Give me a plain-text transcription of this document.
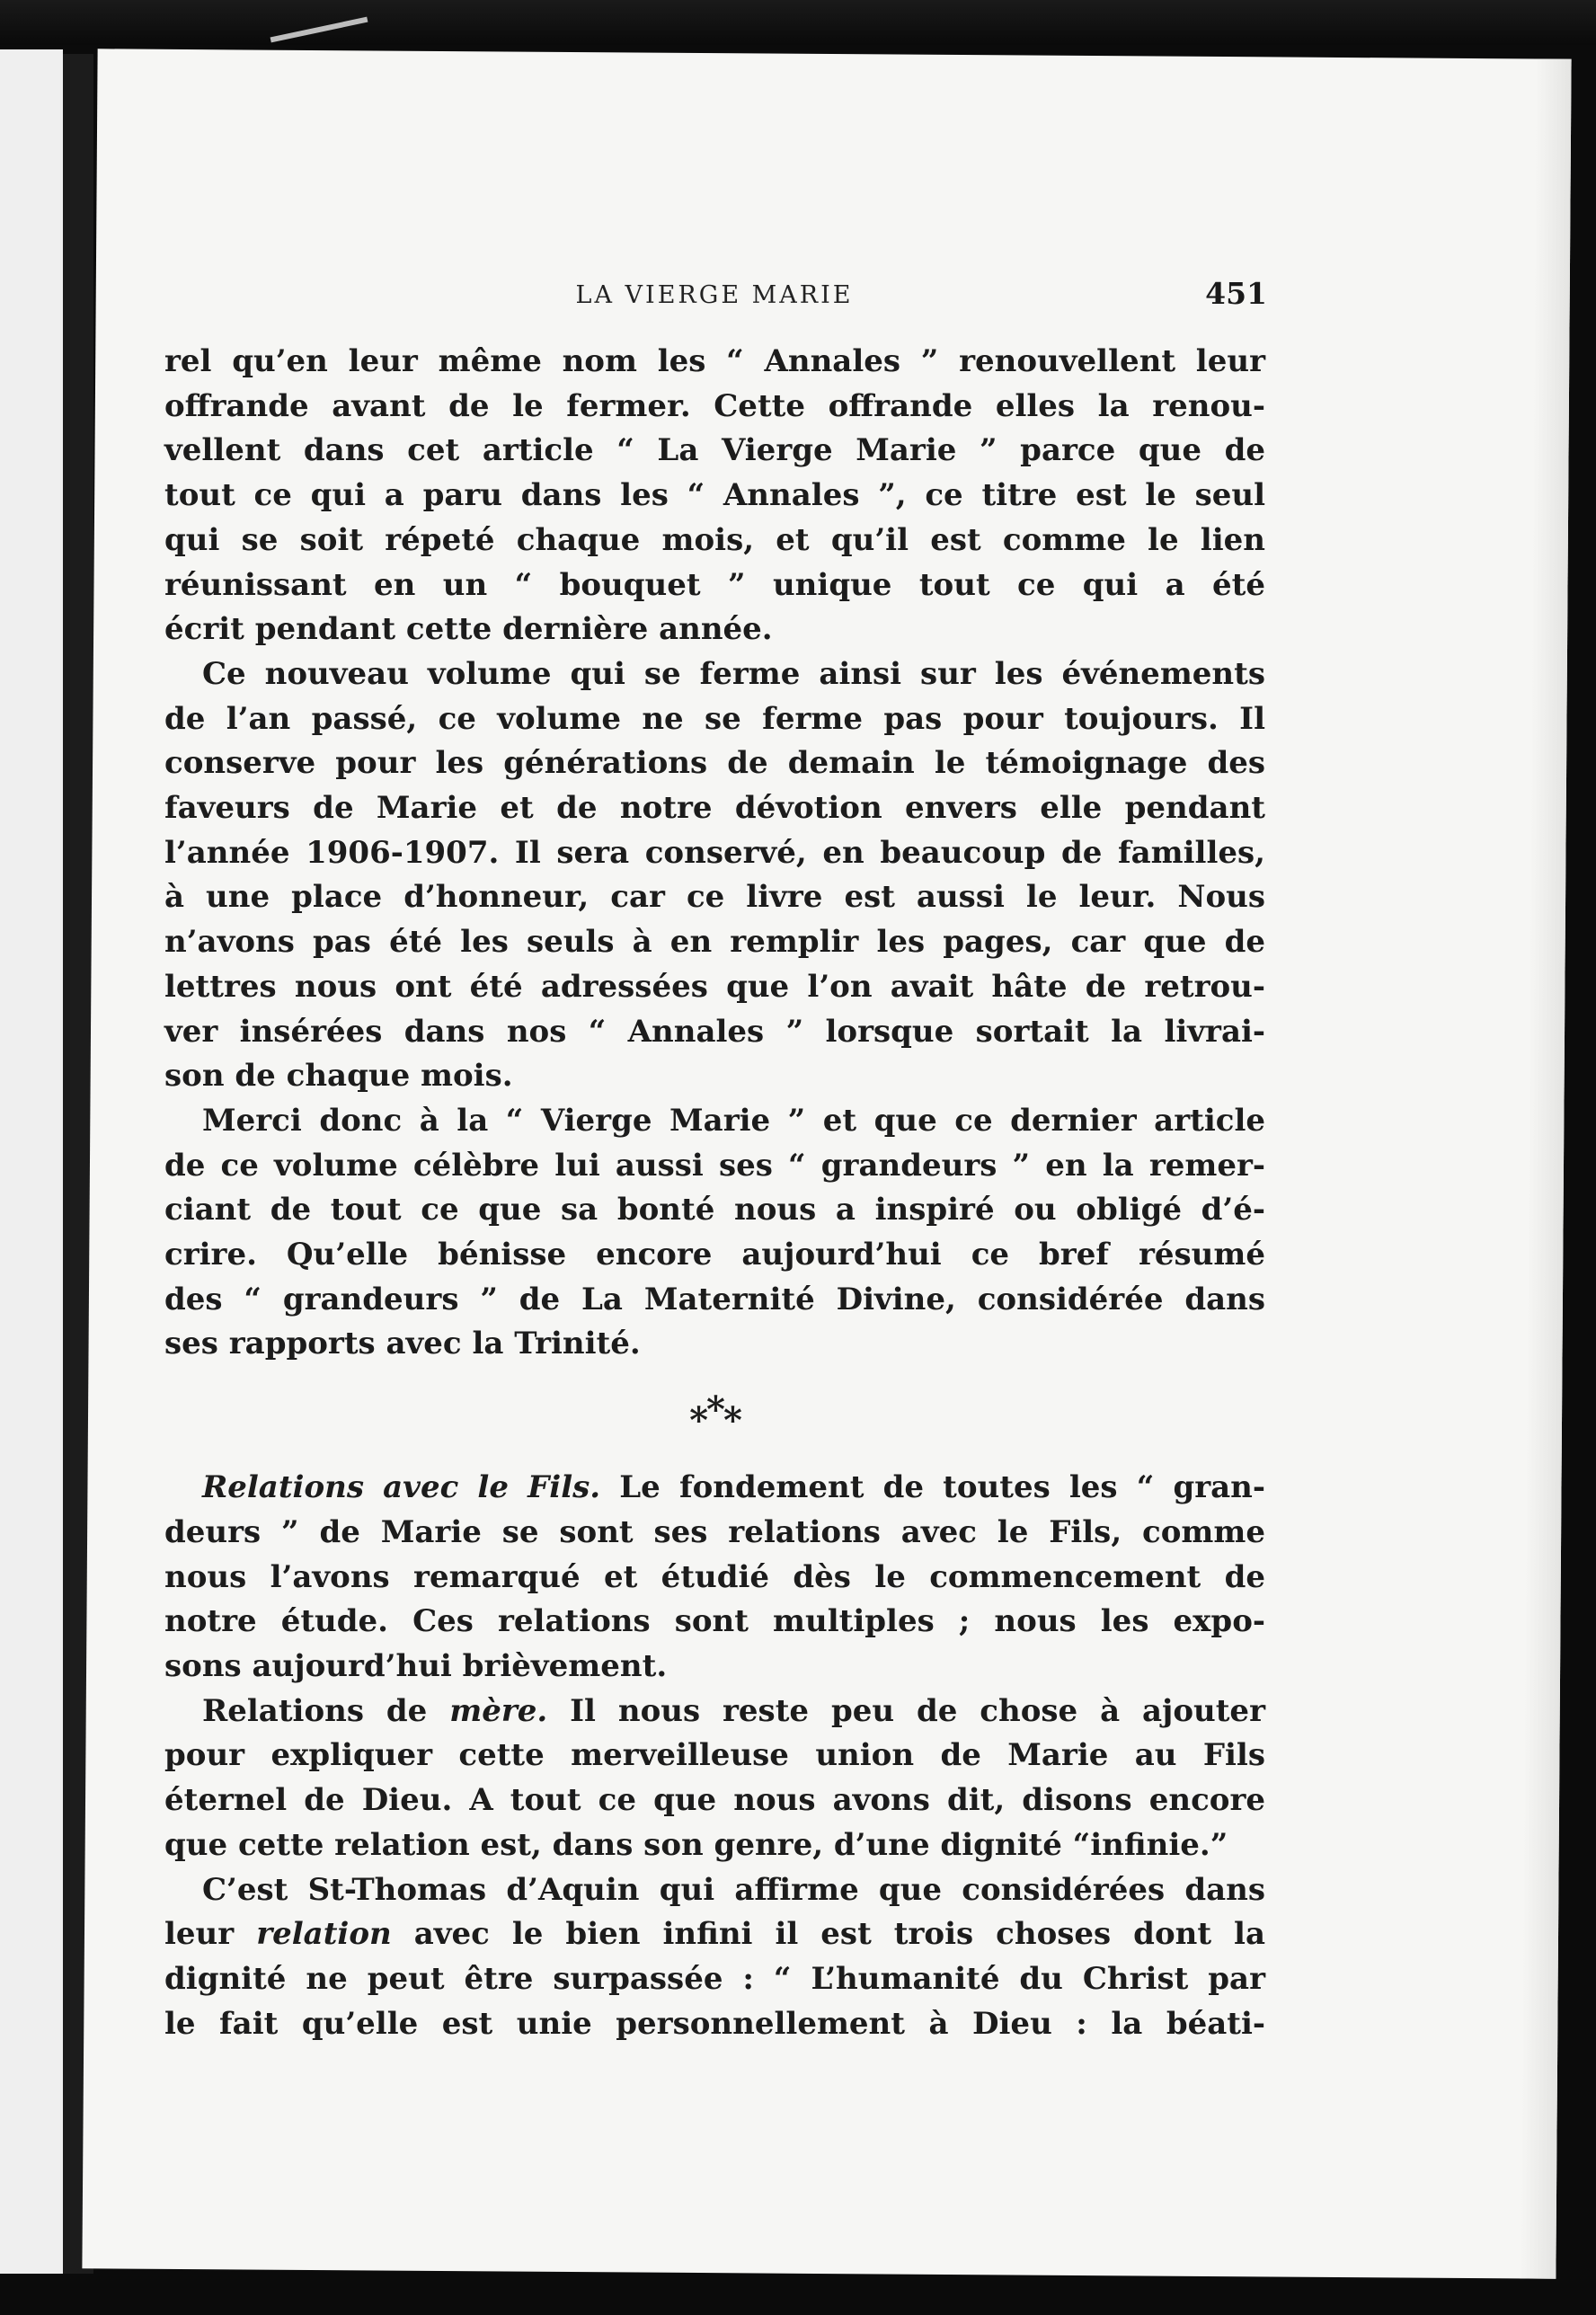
LA VIERGE MARIE	451
rel qu’en leur même nom les “ Annales ” renouvellent leur
offrande avant de le fermer. Cette offrande elles la renou-
vellent dans cet article “ La Vierge Marie ” parce que de
tout ce qui a paru dans les “ Annales ”, ce titre est le seul
qui se soit répeté chaque mois, et qu’il est comme le lien
réunissant en un “ bouquet ” unique tout ce qui a été
écrit pendant cette dernière année.
Ce nouveau volume qui se ferme ainsi sur les événements
de l’an passé, ce volume ne se ferme pas pour toujours. Il
conserve pour les générations de demain le témoignage des
faveurs de Marie et de notre dévotion envers elle pendant
l’année 1906-1907. Il sera conservé, en beaucoup de familles,
à une place d’honneur, car ce livre est aussi le leur. Nous
n’avons pas été les seuls à en remplir les pages, car que de
lettres nous ont été adressées que l’on avait hâte de retrou-
ver insérées dans nos “ Annales ” lorsque sortait la livrai-
son de chaque mois.
Merci donc à la “ Vierge Marie ” et que ce dernier article
de ce volume célèbre lui aussi ses “ grandeurs ” en la remer-
ciant de tout ce que sa bonté nous a inspiré ou obligé d’é-
crire. Qu’elle bénisse encore aujourd’hui ce bref résumé
des “ grandeurs ” de La Maternité Divine, considérée dans
ses rapports avec la Trinité.
***
Relations avec le Fils. Le fondement de toutes les “ gran-
deurs ” de Marie se sont ses relations avec le Fils, comme
nous l’avons remarqué et étudié dès le commencement de
notre étude. Ces relations sont multiples ; nous les expo-
sons aujourd’hui brièvement.
Relations de mère. Il nous reste peu de chose à ajouter
pour expliquer cette merveilleuse union de Marie au Fils
éternel de Dieu. A tout ce que nous avons dit, disons encore
que cette relation est, dans son genre, d’une dignité “infinie.”
C’est St-Thomas d’Aquin qui affirme que considérées dans
leur relation avec le bien infini il est trois choses dont la
dignité ne peut être surpassée : “ L’humanité du Christ par
le fait qu’elle est unie personnellement à Dieu : la béati-
